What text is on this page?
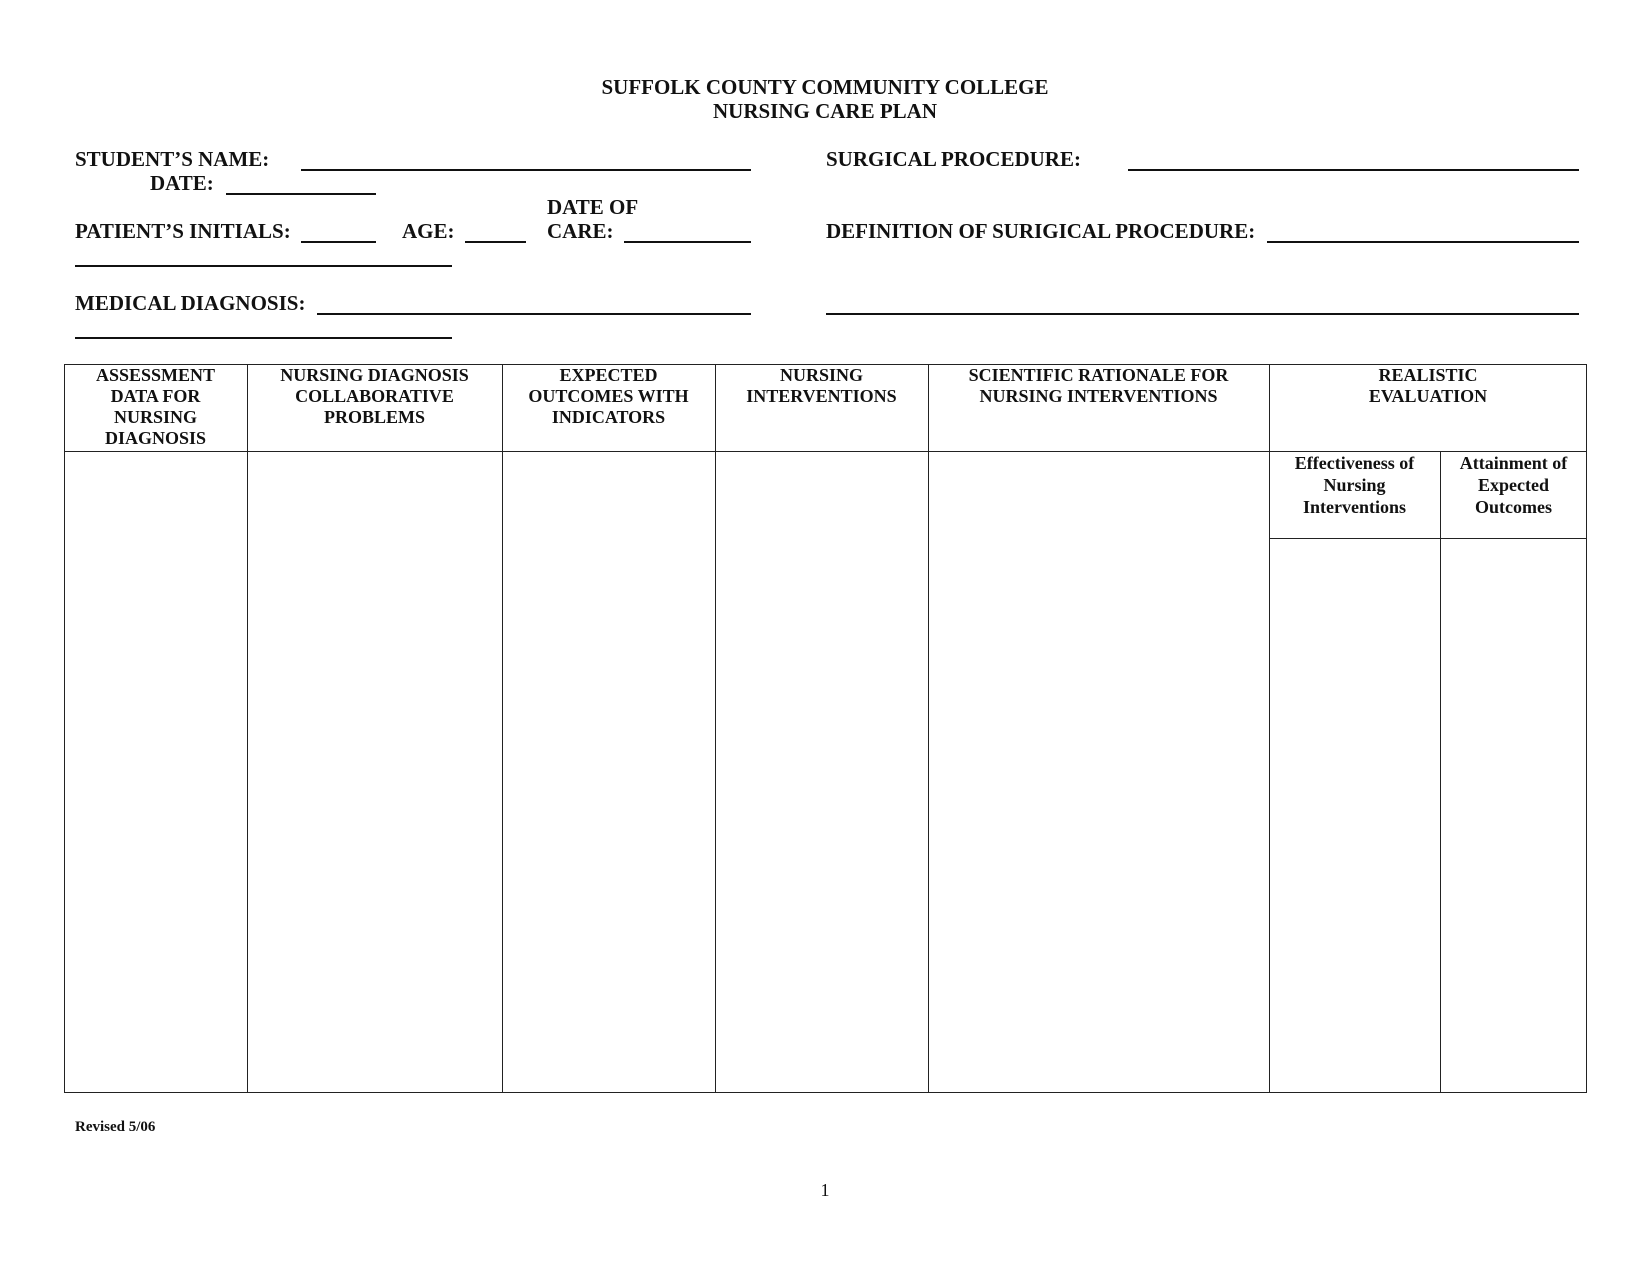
SUFFOLK COUNTY COMMUNITY COLLEGE
NURSING CARE PLAN
STUDENT’S NAME:
DATE:
DATE OF
PATIENT’S INITIALS:	AGE:	CARE:
MEDICAL DIAGNOSIS:
SURGICAL PROCEDURE:
DEFINITION OF SURIGICAL PROCEDURE:
ASSESSMENT
DATA FOR
NURSING
DIAGNOSIS
NURSING DIAGNOSIS
COLLABORATIVE
PROBLEMS
EXPECTED
OUTCOMES WITH
INDICATORS
NURSING
INTERVENTIONS
SCIENTIFIC RATIONALE FOR
NURSING INTERVENTIONS
REALISTIC
EVALUATION
Effectiveness of
Nursing
Interventions
Attainment of
Expected
Outcomes
Revised 5/06
1
